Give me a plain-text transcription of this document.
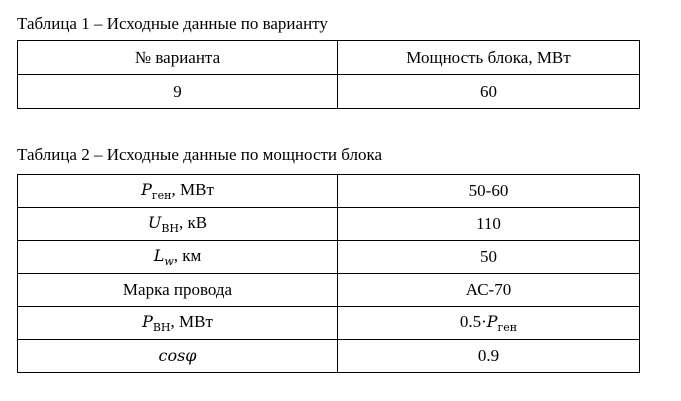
Таблица 1 – Исходные данные по варианту
№ варианта	Мощность блока, МВт
9	60
Таблица 2 – Исходные данные по мощности блока
$P_{ген}$, МВт	50-60
$U_{ВН}$, кВ	110
$L_w$, км	50
Марка провода	АС-70
$P_{ВН}$, МВт	$0.5\cdot P_{ген}$
cosφ	0.9
